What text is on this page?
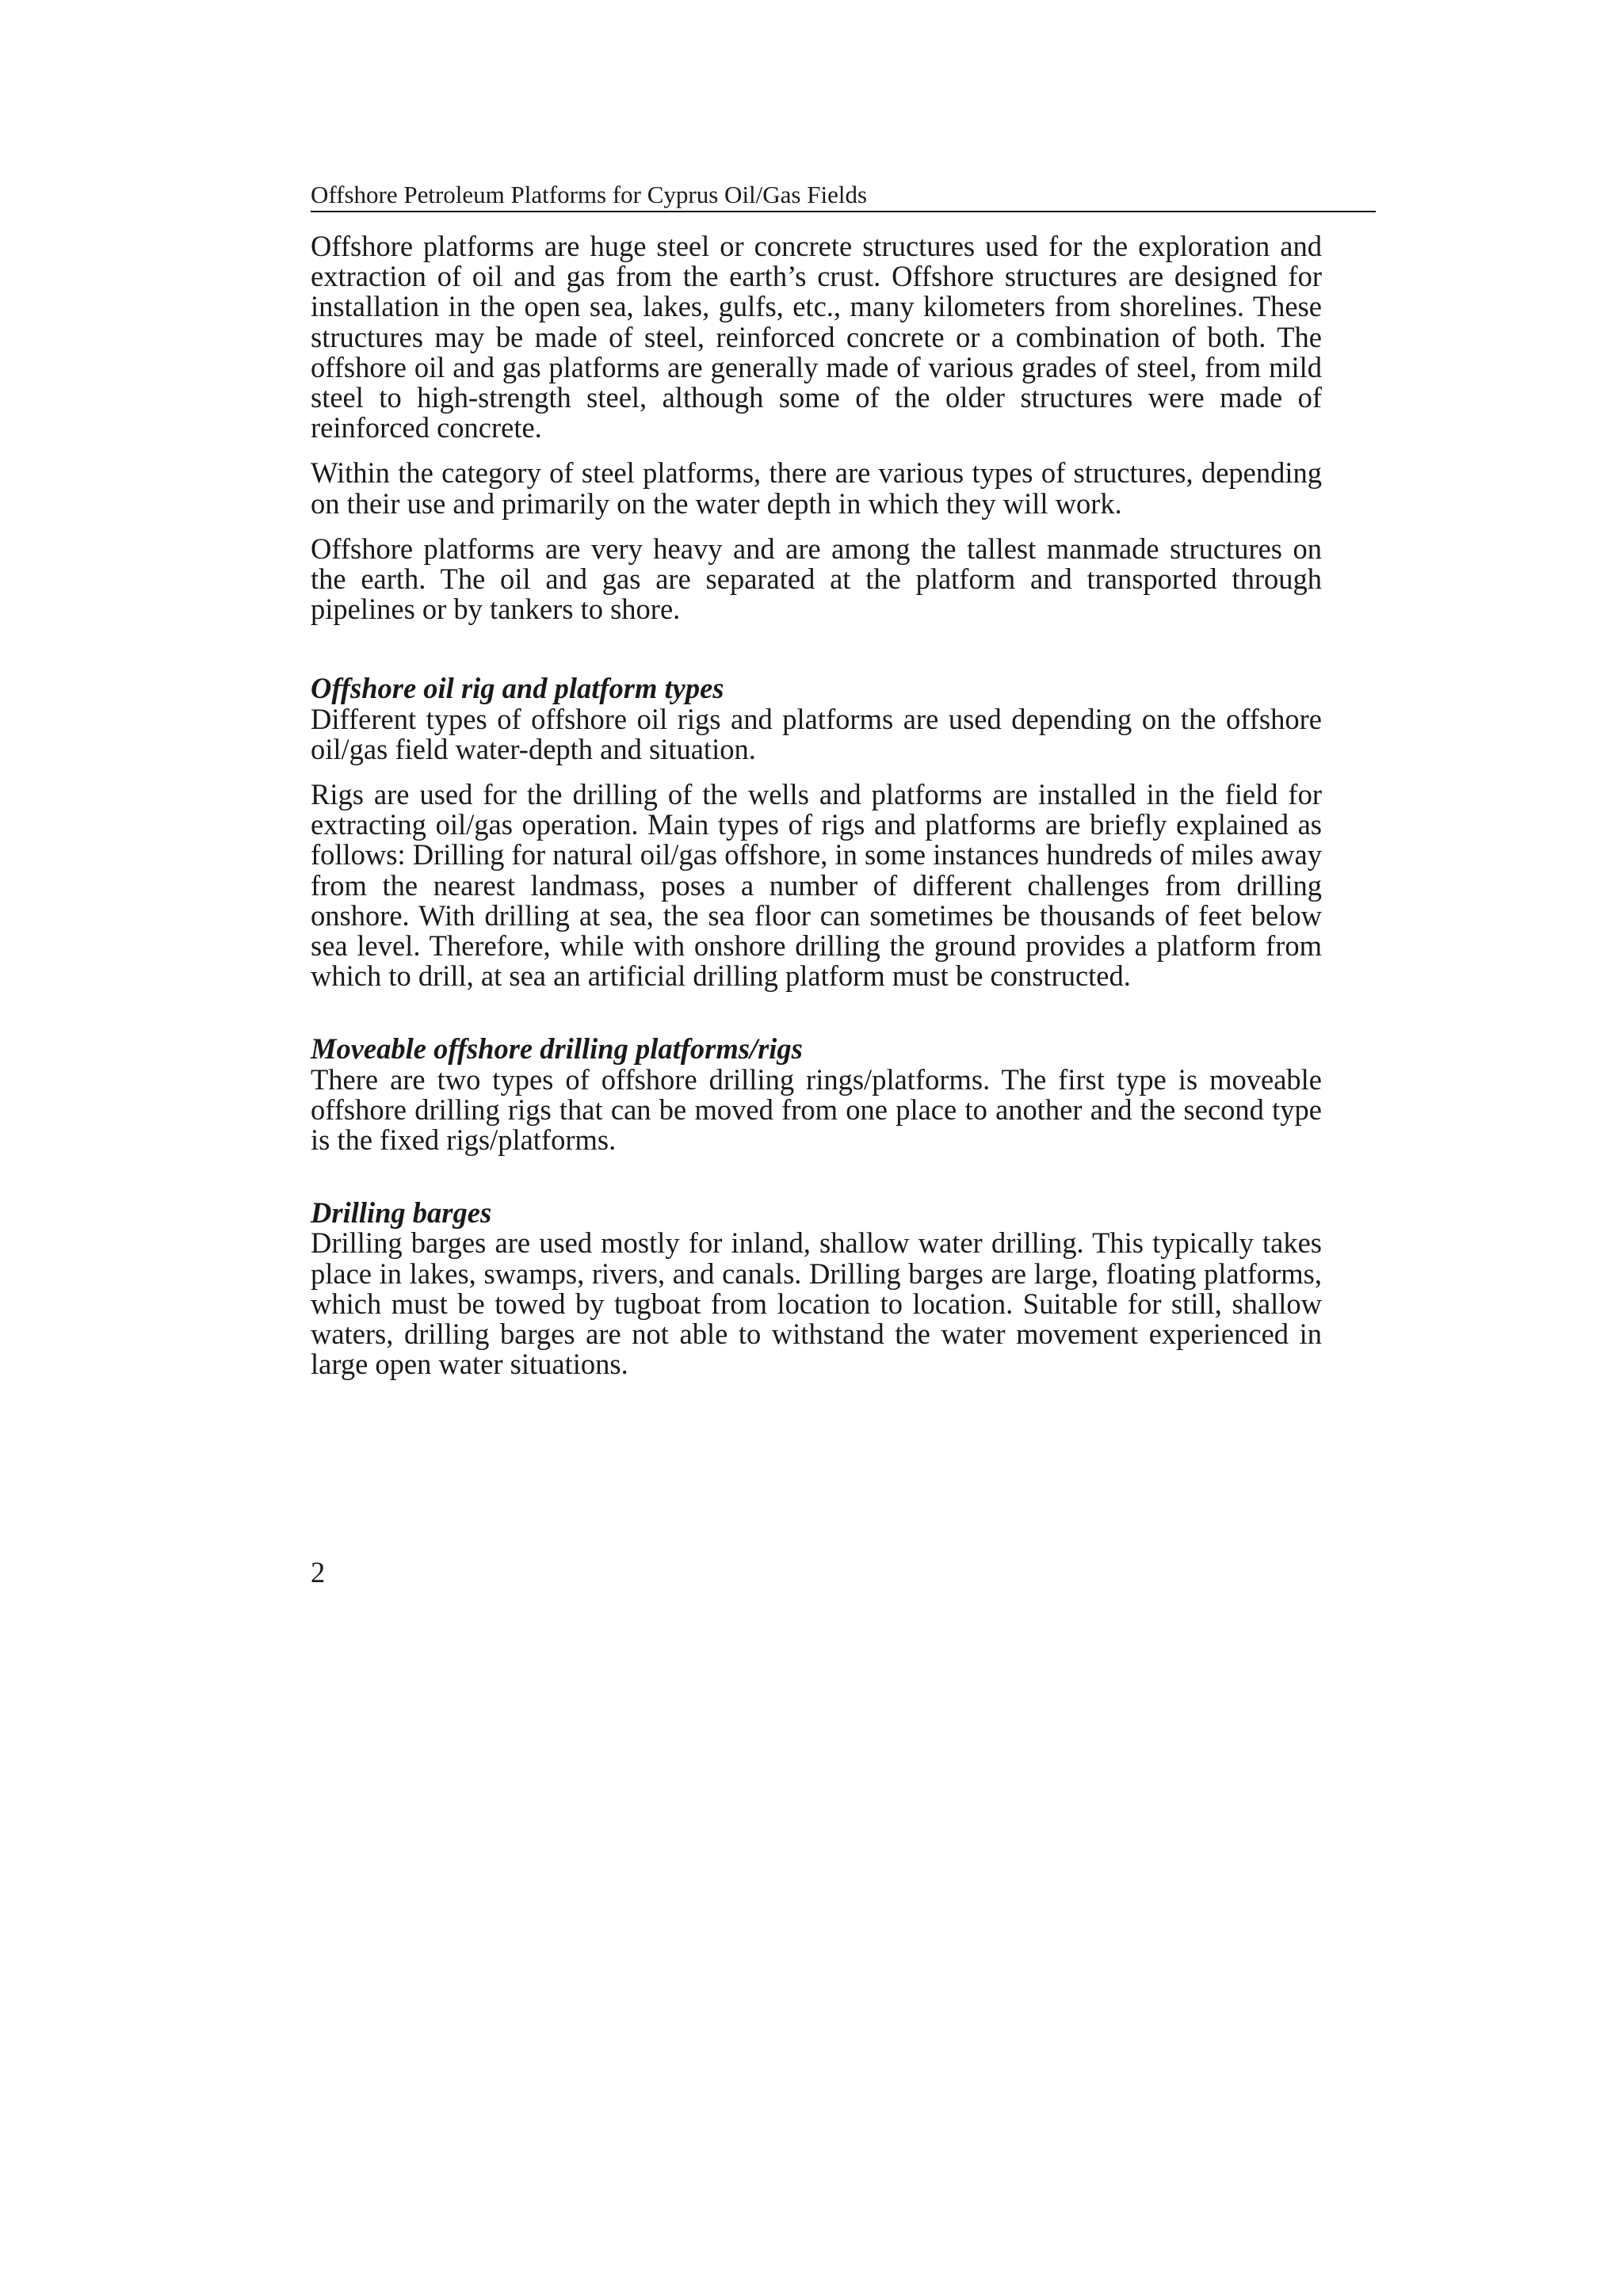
Offshore Petroleum Platforms for Cyprus Oil/Gas Fields

Offshore platforms are huge steel or concrete structures used for the exploration and extraction of oil and gas from the earth’s crust. Offshore structures are designed for installation in the open sea, lakes, gulfs, etc., many kilometers from shorelines. These structures may be made of steel, reinforced concrete or a combination of both. The offshore oil and gas platforms are generally made of various grades of steel, from mild steel to high-strength steel, although some of the older structures were made of reinforced concrete.

Within the category of steel platforms, there are various types of structures, depending on their use and primarily on the water depth in which they will work.

Offshore platforms are very heavy and are among the tallest manmade structures on the earth. The oil and gas are separated at the platform and transported through pipelines or by tankers to shore.

Offshore oil rig and platform types

Different types of offshore oil rigs and platforms are used depending on the offshore oil/gas field water-depth and situation.

Rigs are used for the drilling of the wells and platforms are installed in the field for extracting oil/gas operation. Main types of rigs and platforms are briefly explained as follows: Drilling for natural oil/gas offshore, in some instances hundreds of miles away from the nearest landmass, poses a number of different challenges from drilling onshore. With drilling at sea, the sea floor can sometimes be thousands of feet below sea level. Therefore, while with onshore drilling the ground provides a platform from which to drill, at sea an artificial drilling platform must be constructed.

Moveable offshore drilling platforms/rigs

There are two types of offshore drilling rings/platforms. The first type is moveable offshore drilling rigs that can be moved from one place to another and the second type is the fixed rigs/platforms.

Drilling barges

Drilling barges are used mostly for inland, shallow water drilling. This typically takes place in lakes, swamps, rivers, and canals. Drilling barges are large, floating platforms, which must be towed by tugboat from location to location. Suitable for still, shallow waters, drilling barges are not able to withstand the water movement experienced in large open water situations.

2
